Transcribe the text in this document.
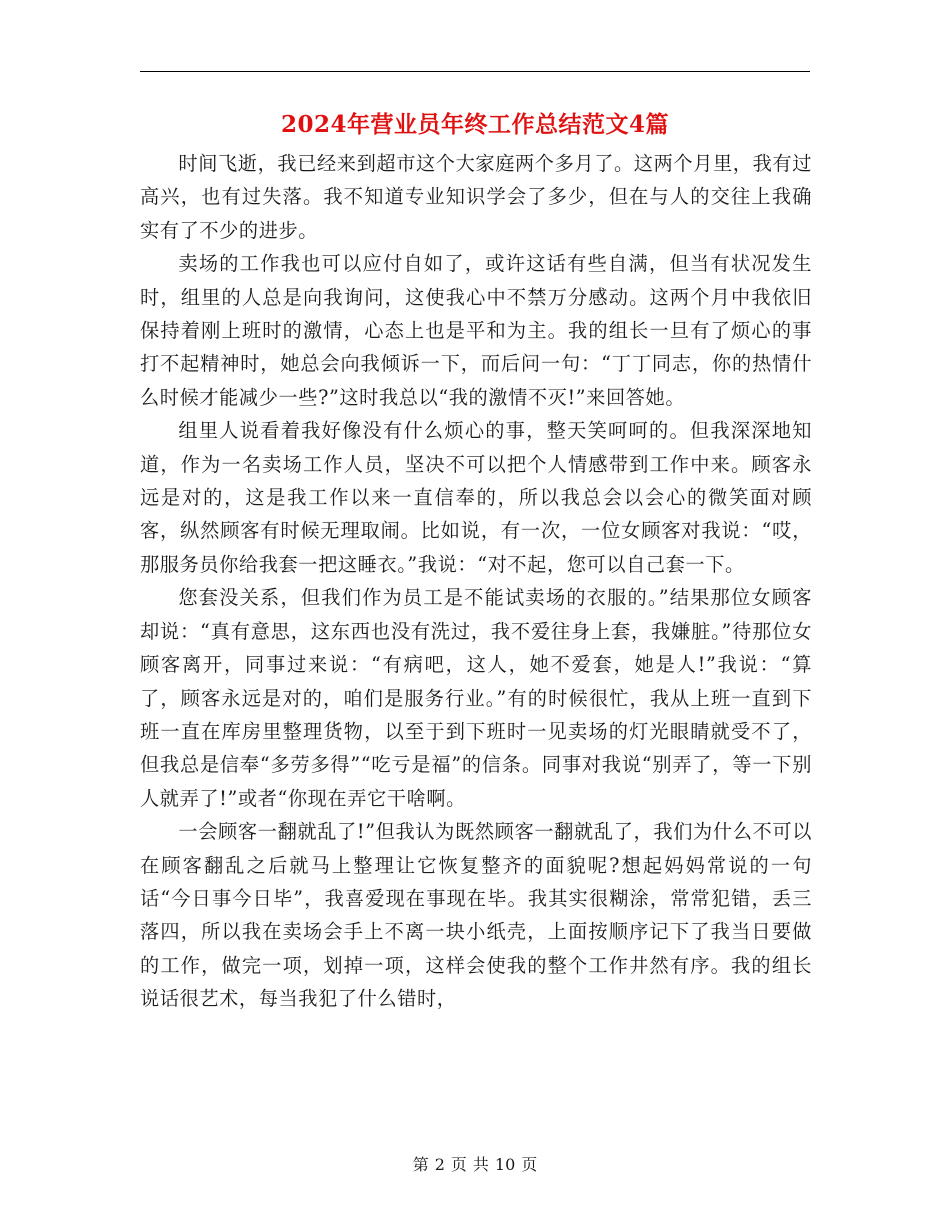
2024年营业员年终工作总结范文4篇

时间飞逝，我已经来到超市这个大家庭两个多月了。这两个月里，我有过高兴，也有过失落。我不知道专业知识学会了多少，但在与人的交往上我确实有了不少的进步。

卖场的工作我也可以应付自如了，或许这话有些自满，但当有状况发生时，组里的人总是向我询问，这使我心中不禁万分感动。这两个月中我依旧保持着刚上班时的激情，心态上也是平和为主。我的组长一旦有了烦心的事打不起精神时，她总会向我倾诉一下，而后问一句：“丁丁同志，你的热情什么时候才能减少一些?”这时我总以“我的激情不灭!”来回答她。

组里人说看着我好像没有什么烦心的事，整天笑呵呵的。但我深深地知道，作为一名卖场工作人员，坚决不可以把个人情感带到工作中来。顾客永远是对的，这是我工作以来一直信奉的，所以我总会以会心的微笑面对顾客，纵然顾客有时候无理取闹。比如说，有一次，一位女顾客对我说：“哎，那服务员你给我套一把这睡衣。”我说：“对不起，您可以自己套一下。

您套没关系，但我们作为员工是不能试卖场的衣服的。”结果那位女顾客却说：“真有意思，这东西也没有洗过，我不爱往身上套，我嫌脏。”待那位女顾客离开，同事过来说：“有病吧，这人，她不爱套，她是人!”我说：“算了，顾客永远是对的，咱们是服务行业。”有的时候很忙，我从上班一直到下班一直在库房里整理货物，以至于到下班时一见卖场的灯光眼睛就受不了，但我总是信奉“多劳多得”“吃亏是福”的信条。同事对我说“别弄了，等一下别人就弄了!”或者“你现在弄它干啥啊。

一会顾客一翻就乱了!”但我认为既然顾客一翻就乱了，我们为什么不可以在顾客翻乱之后就马上整理让它恢复整齐的面貌呢?想起妈妈常说的一句话“今日事今日毕”，我喜爱现在事现在毕。我其实很糊涂，常常犯错，丢三落四，所以我在卖场会手上不离一块小纸壳，上面按顺序记下了我当日要做的工作，做完一项，划掉一项，这样会使我的整个工作井然有序。我的组长说话很艺术，每当我犯了什么错时，

第 2 页 共 10 页
